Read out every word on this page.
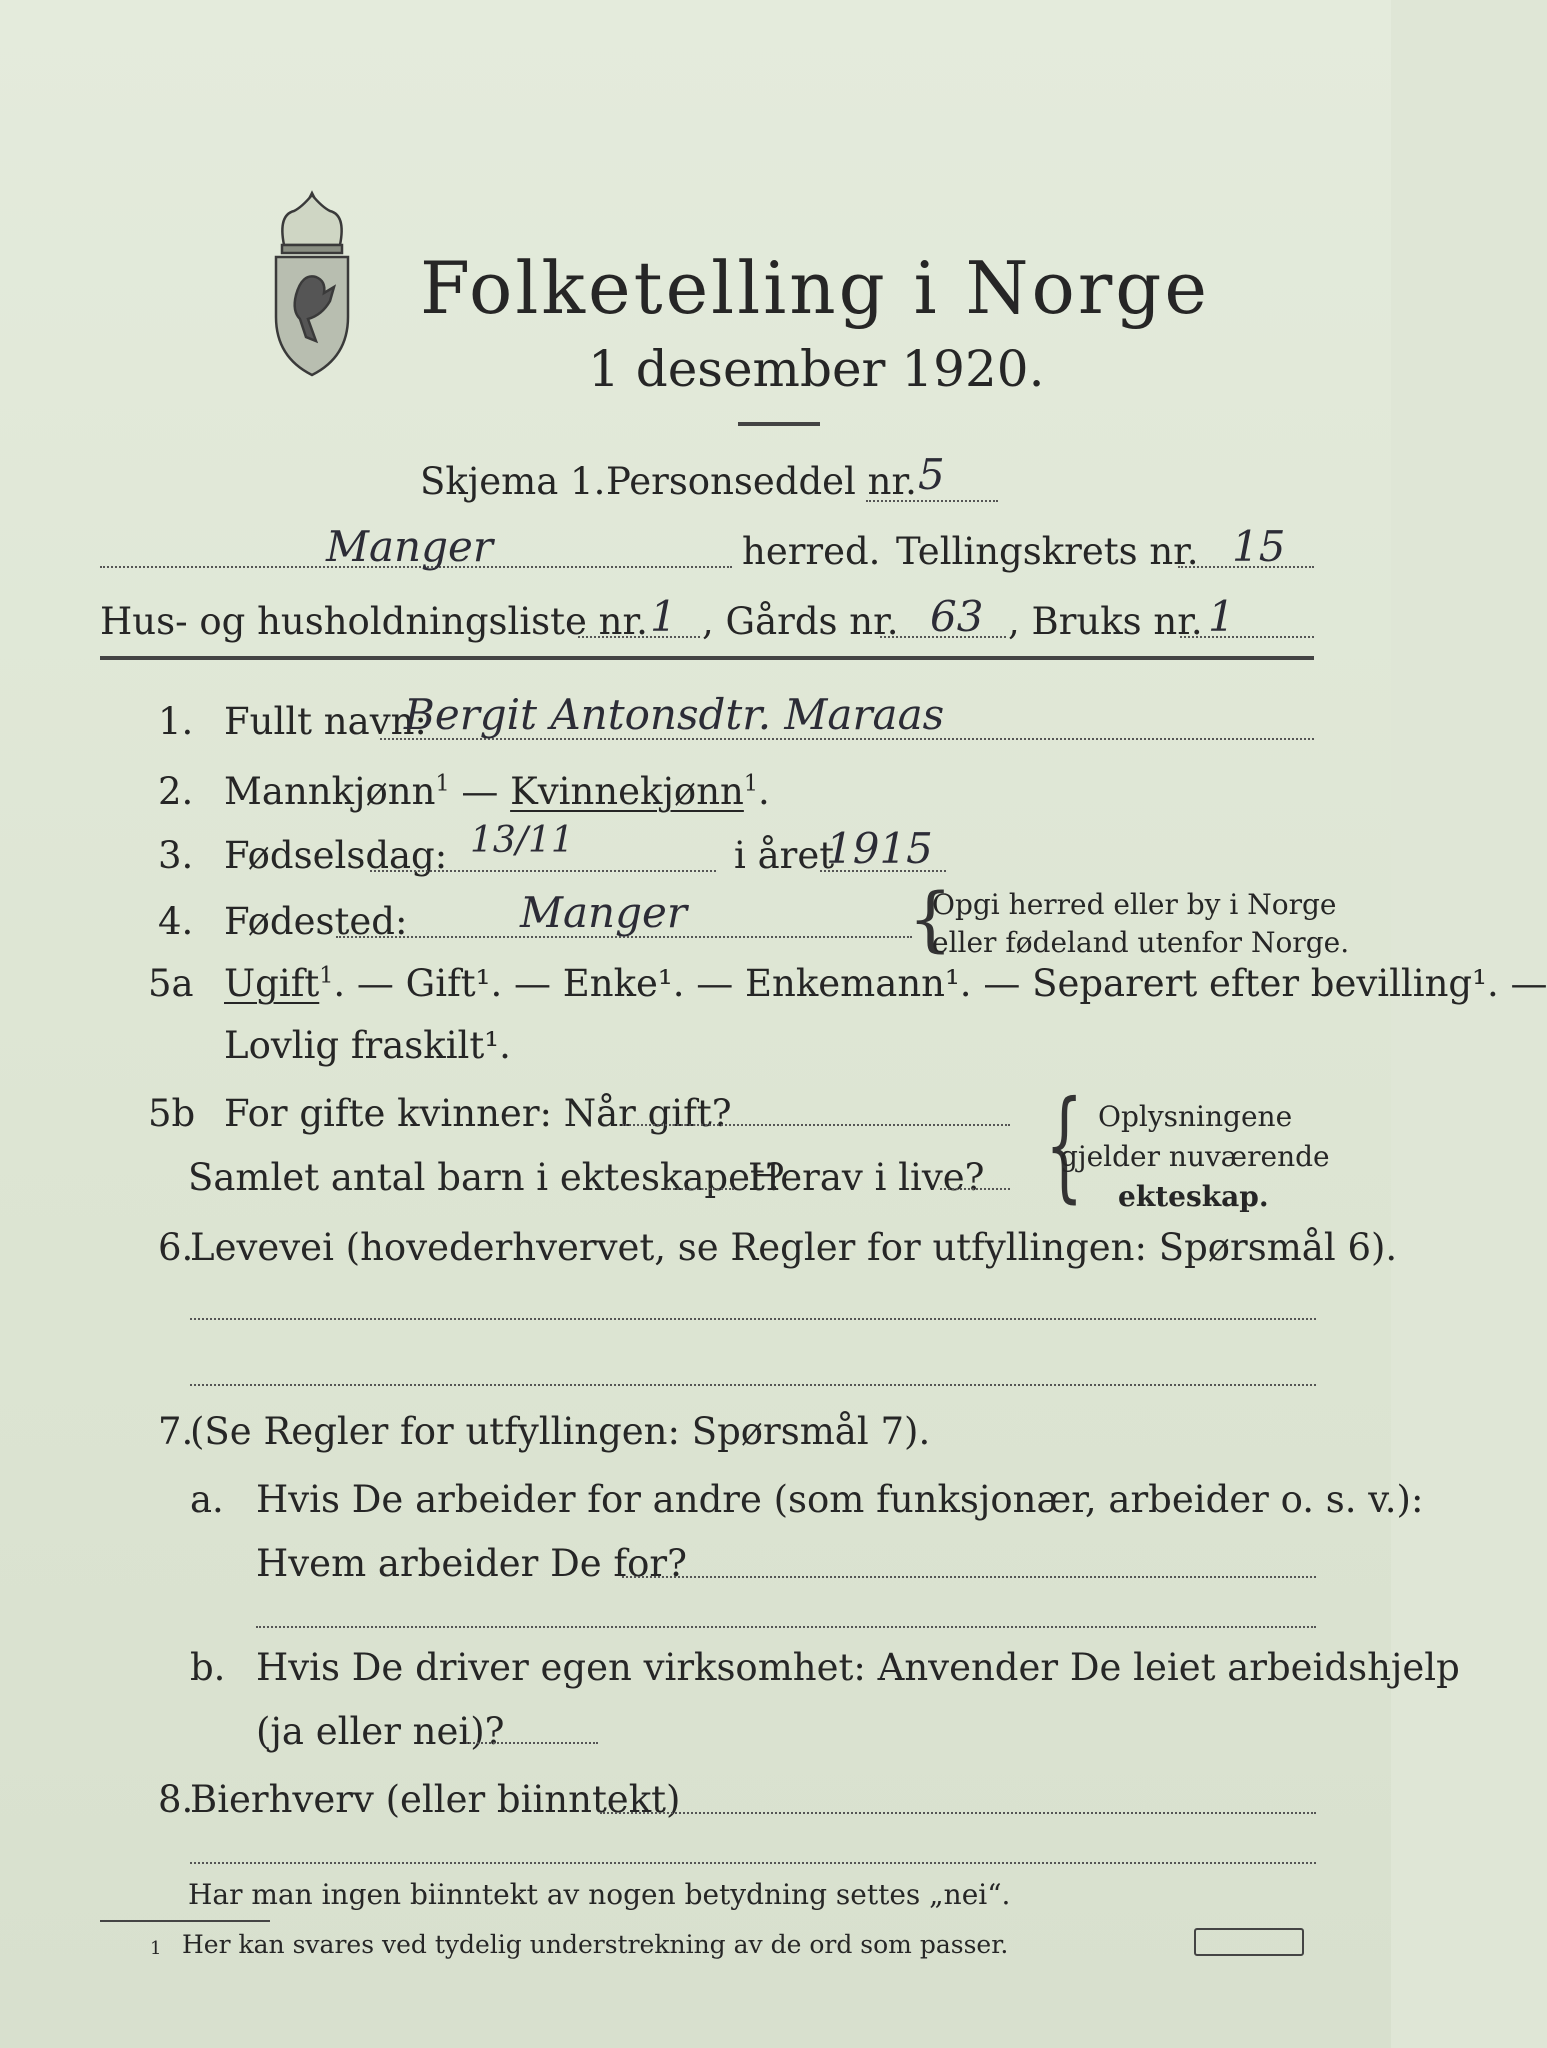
Folketelling i Norge
1 desember 1920.
Skjema 1. Personseddel nr. 5
Manger	herred. Tellingskrets nr. 15
Hus- og husholdningsliste nr. 1 , Gårds nr. 63 , Bruks nr. 1
1. Fullt navn:
Bergit Antonsdtr. Maraas
2. Mannkjønn$^1$ — Kvinnekjønn$^1$.
3. Fødselsdag: 13/11	i året
1915
4. Fødested:	Manger	{
Opgi herred eller by i Norge
eller fødeland utenfor Norge.
5a Ugift$^1$. — Gift¹. — Enke¹. — Enkemann¹. — Separert efter bevilling¹. —
Lovlig fraskilt¹.
5b For gifte kvinner: Når gift?
Samlet antal barn i ekteskapet?
Herav i live? { Oplysningene
gjelder nuværende
ekteskap.
6.
Levevei (hovederhvervet, se Regler for utfyllingen: Spørsmål 6).
7.
(Se Regler for utfyllingen: Spørsmål 7).
a. Hvis De arbeider for andre (som funksjonær, arbeider o. s. v.):
Hvem arbeider De for?
b. Hvis De driver egen virksomhet: Anvender De leiet arbeidshjelp
(ja eller nei)?
8.
Bierhverv (eller biinntekt)
Har man ingen biinntekt av nogen betydning settes „nei“.
1 Her kan svares ved tydelig understrekning av de ord som passer.
